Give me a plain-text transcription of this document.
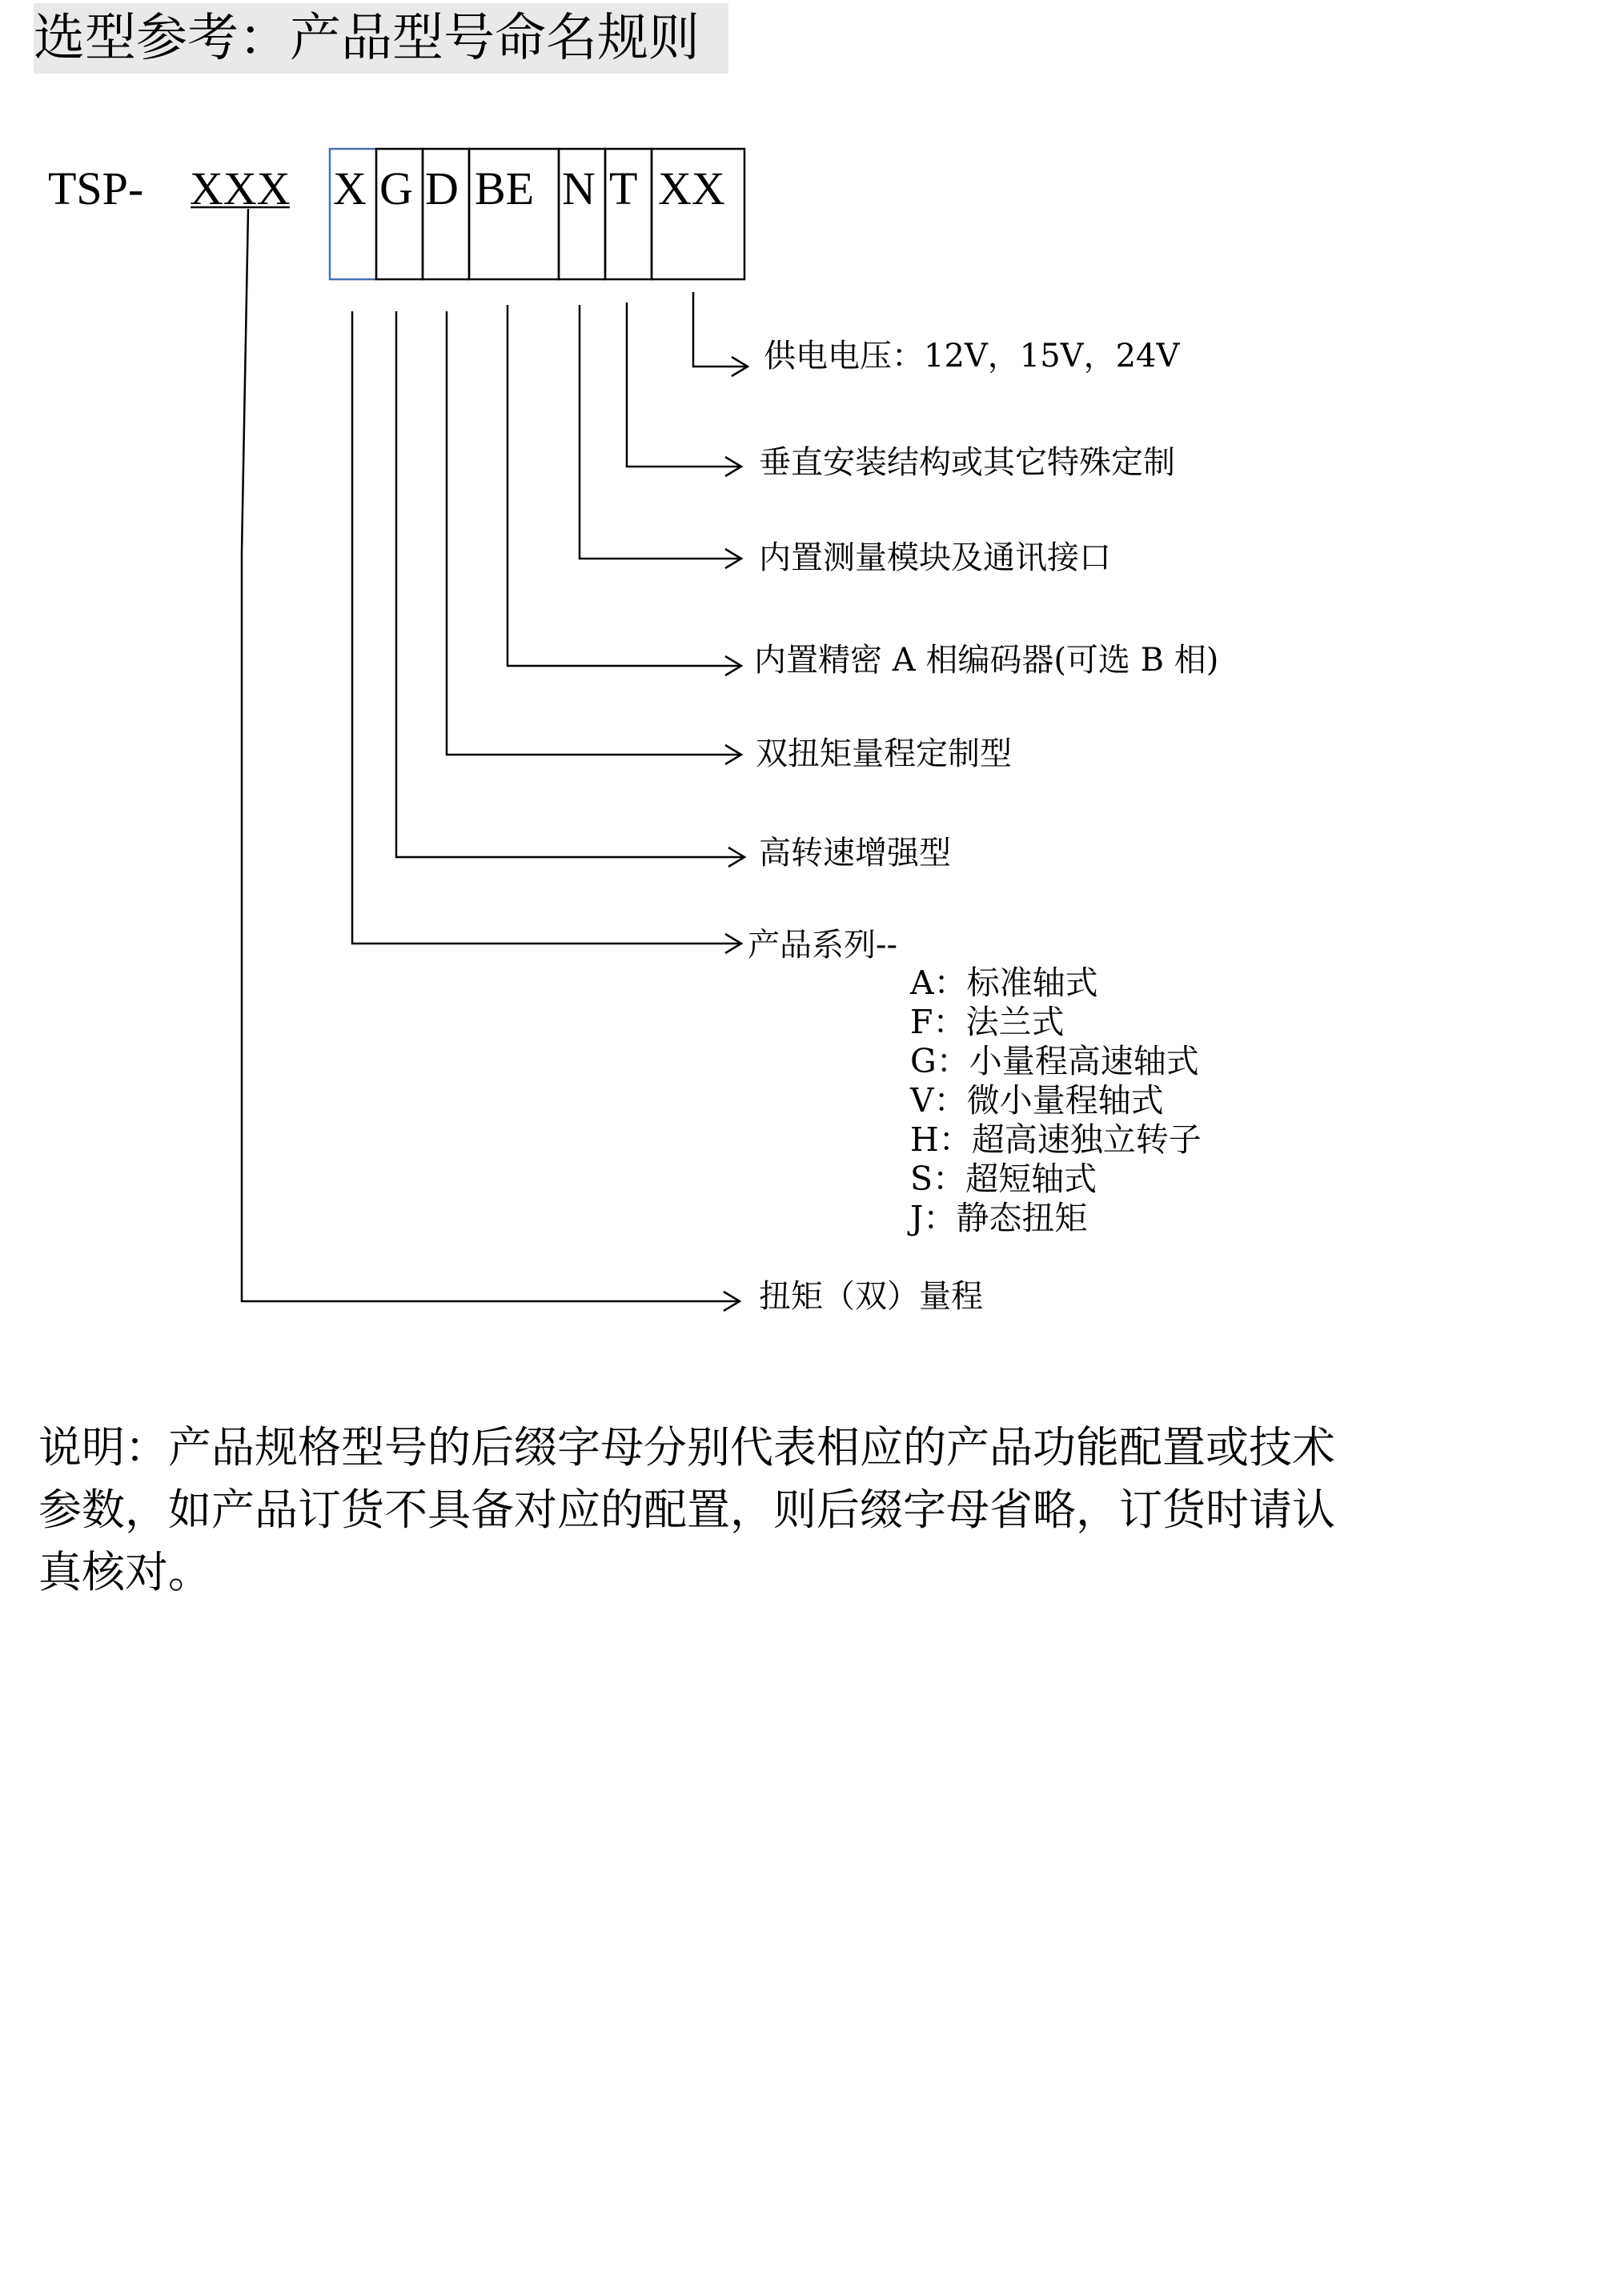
选型参考：产品型号命名规则
TSP- XXX X G D BE N T XX
供电电压：12V，15V，24V
垂直安装结构或其它特殊定制
内置测量模块及通讯接口
内置精密 A 相编码器(可选 B 相)
双扭矩量程定制型
高转速增强型
产品系列--
扭矩（双）量程
A：标准轴式
F：法兰式
G：小量程高速轴式
V：微小量程轴式
H：超高速独立转子
S：超短轴式
J：静态扭矩
说明：产品规格型号的后缀字母分别代表相应的产品功能配置或技术
参数，如产品订货不具备对应的配置，则后缀字母省略，订货时请认
真核对。
